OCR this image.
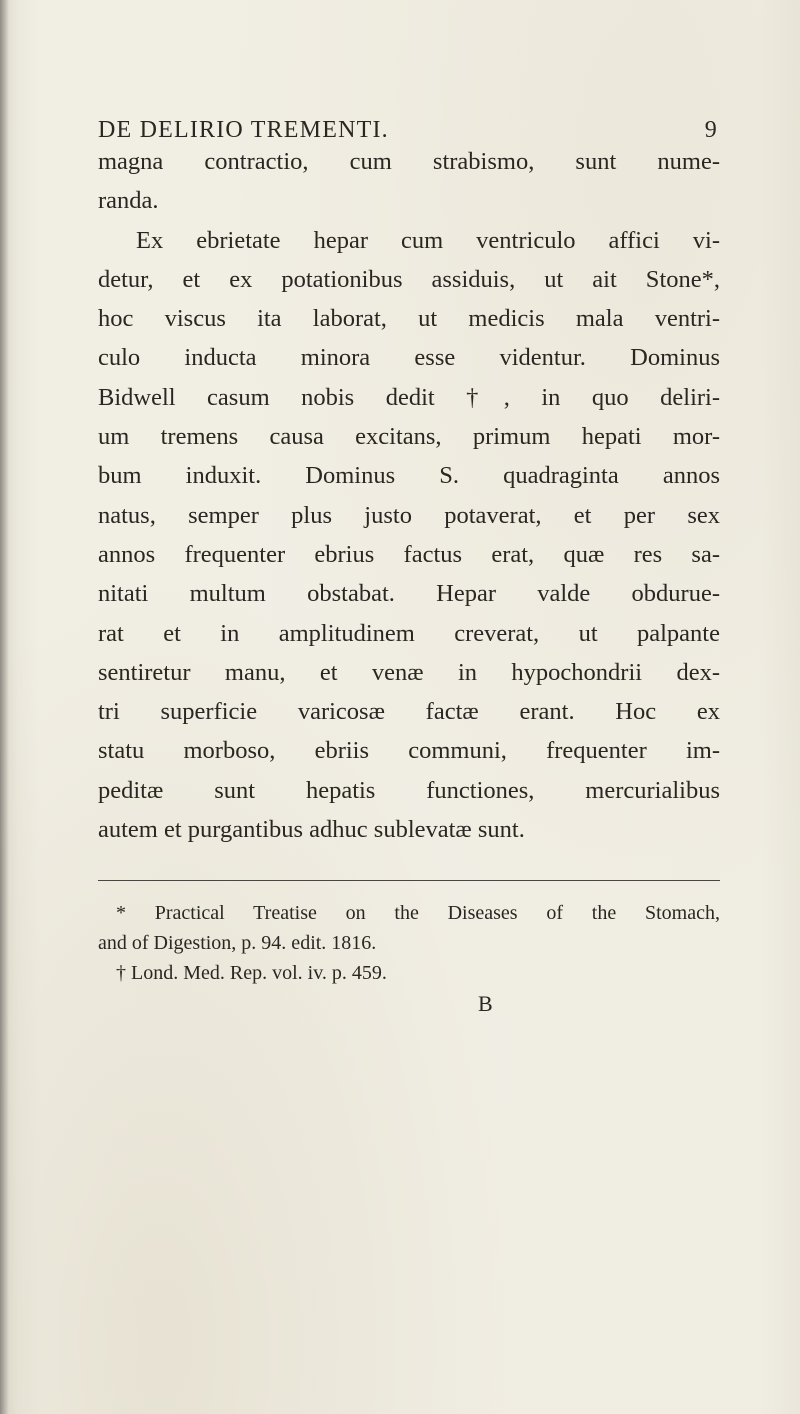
DE DELIRIO TREMENTI.	9
magna contractio, cum strabismo, sunt nume-
randa.
Ex ebrietate hepar cum ventriculo affici vi-
detur, et ex potationibus assiduis, ut ait Stone*,
hoc viscus ita laborat, ut medicis mala ventri-
culo inducta minora esse videntur. Dominus
Bidwell casum nobis dedit †, in quo deliri-
um tremens causa excitans, primum hepati mor-
bum induxit. Dominus S. quadraginta annos
natus, semper plus justo potaverat, et per sex
annos frequenter ebrius factus erat, quæ res sa-
nitati multum obstabat. Hepar valde obdurue-
rat et in amplitudinem creverat, ut palpante
sentiretur manu, et venæ in hypochondrii dex-
tri superficie varicosæ factæ erant. Hoc ex
statu morboso, ebriis communi, frequenter im-
peditæ sunt hepatis functiones, mercurialibus
autem et purgantibus adhuc sublevatæ sunt.
* Practical Treatise on the Diseases of the Stomach,
and of Digestion, p. 94. edit. 1816.
† Lond. Med. Rep. vol. iv. p. 459.
B
